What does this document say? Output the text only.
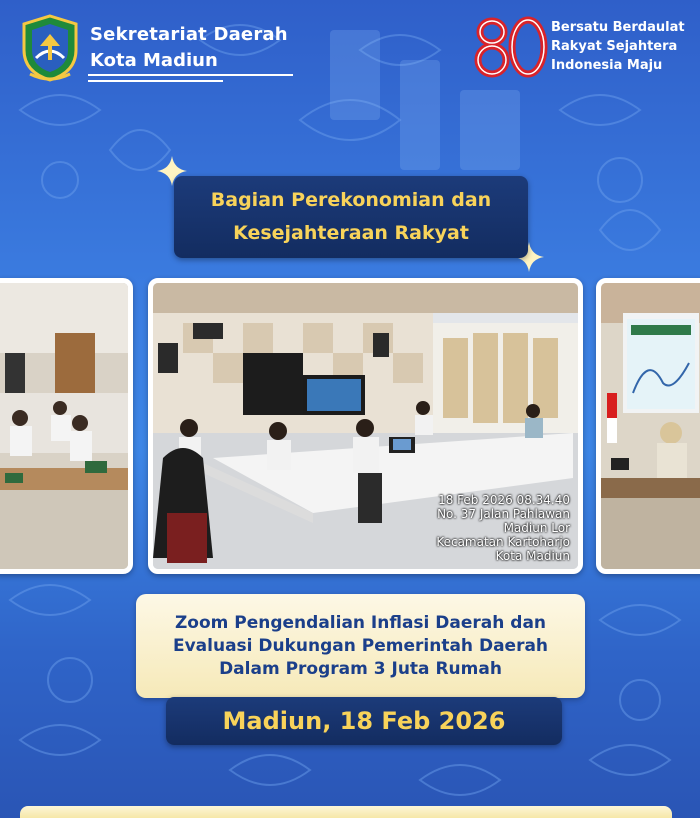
Sekretariat Daerah
Kota Madiun
Bersatu Berdaulat
Rakyat Sejahtera
Indonesia Maju
Bagian Perekonomian dan
Kesejahteraan Rakyat
18 Feb 2026 08.34.40
No. 37 Jalan Pahlawan
Madiun Lor
Kecamatan Kartoharjo
Kota Madiun
Zoom Pengendalian Inflasi Daerah dan
Evaluasi Dukungan Pemerintah Daerah
Dalam Program 3 Juta Rumah
Madiun, 18 Feb 2026
